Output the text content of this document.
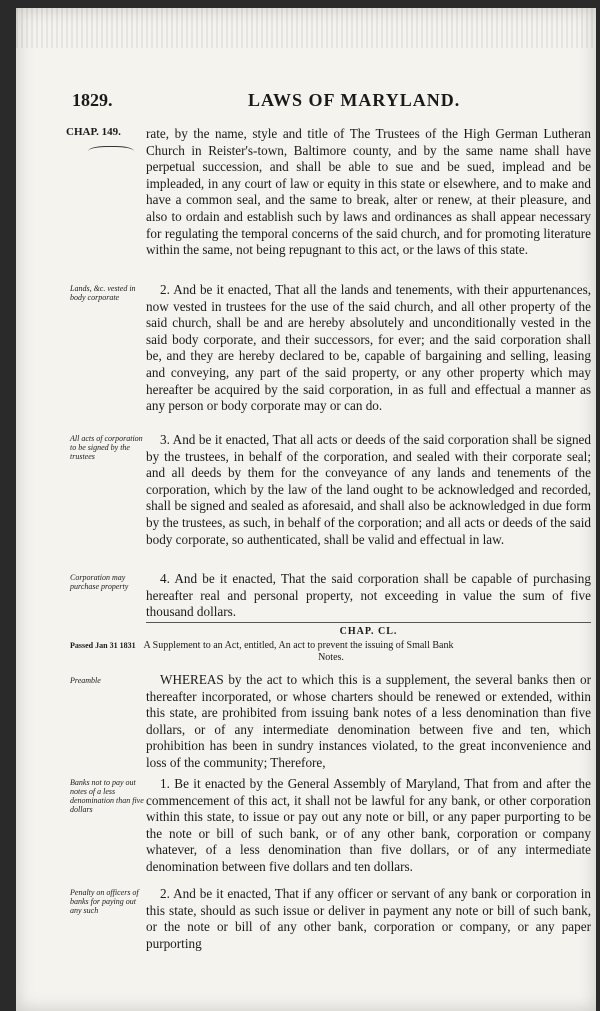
1829.	LAWS OF MARYLAND.
CHAP. 149.	rate, by the name, style and title of The Trustees of the High German Lutheran Church in Reister's-town, Baltimore county, and by the same name shall have perpetual succession, and shall be able to sue and be sued, implead and be impleaded, in any court of law or equity in this state or elsewhere, and to make and have a common seal, and the same to break, alter or renew, at their pleasure, and also to ordain and establish such by laws and ordinances as shall appear necessary for regulating the temporal concerns of the said church, and for promoting literature within the same, not being repugnant to this act, or the laws of this state.

Lands, &c. vested in body corporate

2. And be it enacted, That all the lands and tenements, with their appurtenances, now vested in trustees for the use of the said church, and all other property of the said church, shall be and are hereby absolutely and unconditionally vested in the said body corporate, and their successors, for ever; and the said corporation shall be, and they are hereby declared to be, capable of bargaining and selling, leasing and conveying, any part of the said property, or any other property which may hereafter be acquired by the said corporation, in as full and effectual a manner as any person or body corporate may or can do.

All acts of corporation to be signed by the trustees

3. And be it enacted, That all acts or deeds of the said corporation shall be signed by the trustees, in behalf of the corporation, and sealed with their corporate seal; and all deeds by them for the conveyance of any lands and tenements of the corporation, which by the law of the land ought to be acknowledged and recorded, shall be signed and sealed as aforesaid, and shall also be acknowledged in due form by the trustees, as such, in behalf of the corporation; and all acts or deeds of the said body corporate, so authenticated, shall be valid and effectual in law.

Corporation may purchase property

4. And be it enacted, That the said corporation shall be capable of purchasing hereafter real and personal property, not exceeding in value the sum of five thousand dollars.

CHAP. CL.
Passed Jan 31 1831 A Supplement to an Act, entitled, An act to prevent the issuing of Small Bank
Notes.
Preamble	WHEREAS by the act to which this is a supplement, the several banks then or thereafter incorporated, or whose charters should be renewed or extended, within this state, are prohibited from issuing bank notes of a less denomination than five dollars, or of any intermediate denomination between five and ten, which prohibition has been in sundry instances violated, to the great inconvenience and loss of the community; Therefore,

Banks not to pay out notes of a less denomination than five dollars

1. Be it enacted by the General Assembly of Maryland, That from and after the commencement of this act, it shall not be lawful for any bank, or other corporation within this state, to issue or pay out any note or bill, or any paper purporting to be the note or bill of such bank, or of any other bank, corporation or company whatever, of a less denomination than five dollars, or of any intermediate denomination between five dollars and ten dollars.

Penalty on officers of banks for paying out any such

2. And be it enacted, That if any officer or servant of any bank or corporation in this state, should as such issue or deliver in payment any note or bill of such bank, or the note or bill of any other bank, corporation or company, or any paper purporting
